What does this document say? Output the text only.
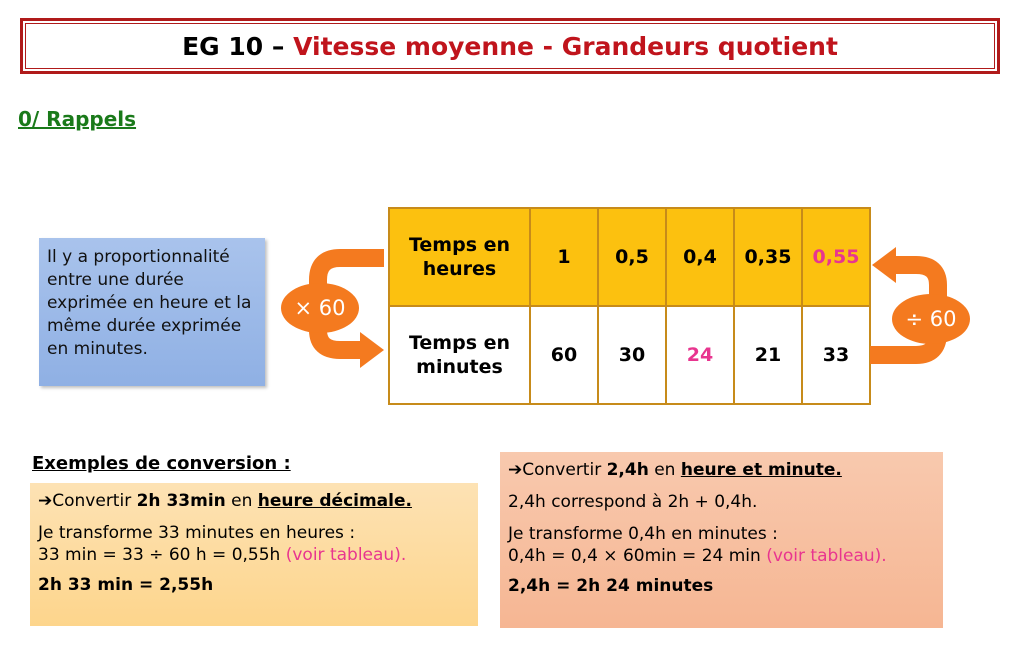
EG 10 –
Vitesse moyenne - Grandeurs quotient
0/ Rappels
Il y a proportionnalité entre une durée exprimée en heure et la même durée exprimée en minutes.
× 60
Temps en
heures	1	0,5	0,4	0,35	0,55
Temps en
minutes	60	30	24	21	33
÷ 60
Exemples de conversion :
➔Convertir 2h 33min en heure décimale.
Je transforme 33 minutes en heures :
33 min = 33 ÷ 60 h = 0,55h (voir tableau).
2h 33 min = 2,55h
➔Convertir 2,4h en heure et minute.
2,4h correspond à 2h + 0,4h.
Je transforme 0,4h en minutes :
0,4h = 0,4 × 60min = 24 min (voir tableau).
2,4h = 2h 24 minutes
